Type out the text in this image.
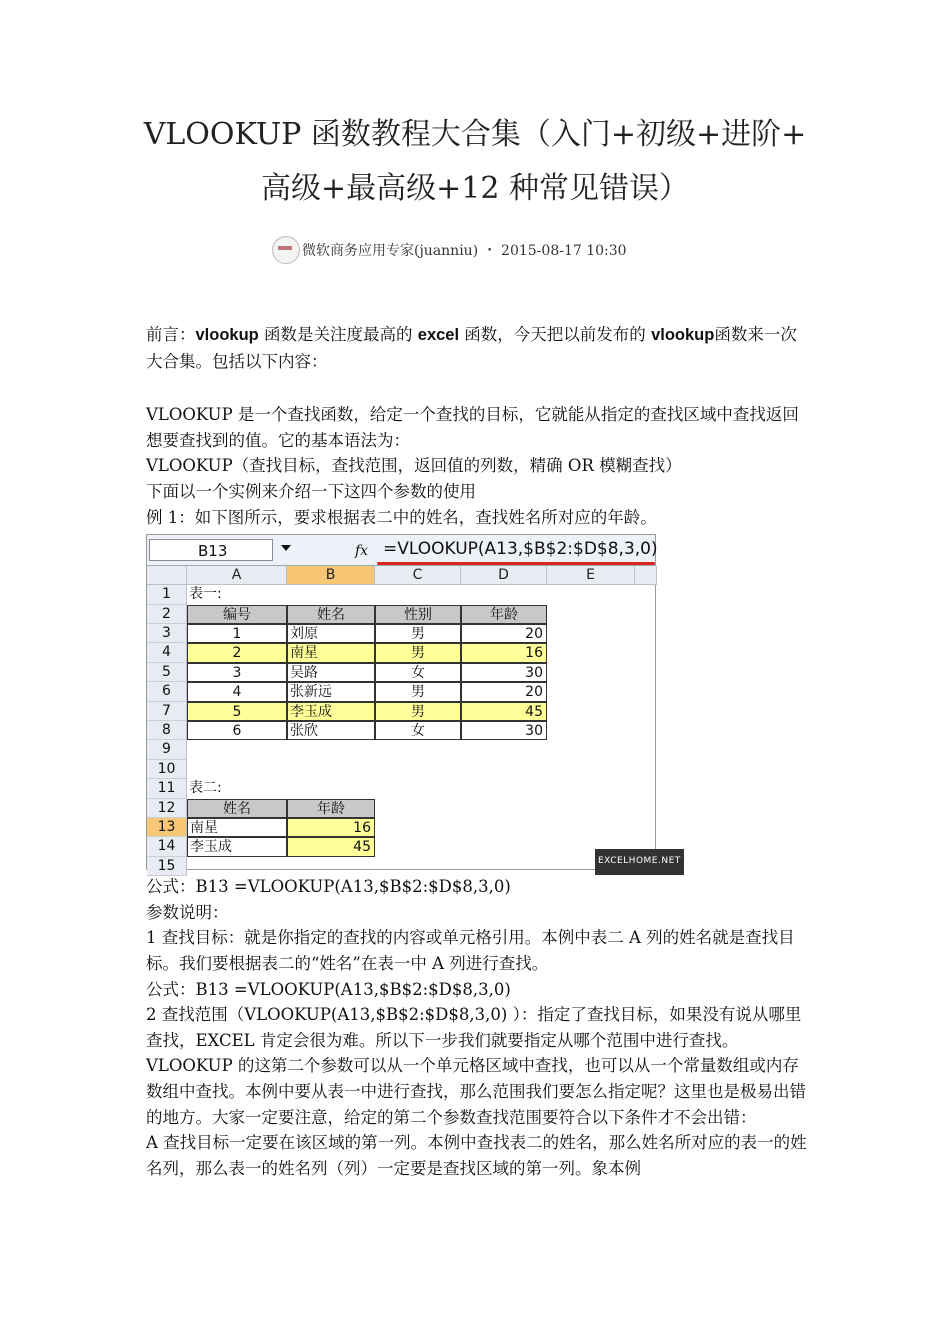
VLOOKUP 函数教程大合集（入门+初级+进阶+
高级+最高级+12 种常见错误）
微软商务应用专家(juanniu) ・ 2015-08-17 10:30

前言：vlookup 函数是关注度最高的 excel 函数，今天把以前发布的 vlookup函数来一次大合集。包括以下内容：

VLOOKUP 是一个查找函数，给定一个查找的目标，它就能从指定的查找区域中查找返回想要查找到的值。它的基本语法为：

VLOOKUP（查找目标，查找范围，返回值的列数，精确 OR 模糊查找）

下面以一个实例来介绍一下这四个参数的使用

例 1：如下图所示，要求根据表二中的姓名，查找姓名所对应的年龄。

B13	fx =VLOOKUP(A13,$B$2:$D$8,3,0)
A	B	C	D	E
1
2
3
4
5
6
7
8
9
10
11
12
13
14
15
表一:
编号	姓名	性别	年龄
1	刘原	男	20
2	南星	男	16
3	吴路	女	30
4	张新远	男	20
5	李玉成	男	45
6	张欣	女	30
表二:
姓名	年龄
南星	16
李玉成	45
EXCELHOME.NET

公式：B13 =VLOOKUP(A13,$B$2:$D$8,3,0)

参数说明：

1 查找目标：就是你指定的查找的内容或单元格引用。本例中表二 A 列的姓名就是查找目标。我们要根据表二的“姓名”在表一中 A 列进行查找。

公式：B13 =VLOOKUP(A13,$B$2:$D$8,3,0)

2 查找范围（VLOOKUP(A13,$B$2:$D$8,3,0) ）：指定了查找目标，如果没有说从哪里查找，EXCEL 肯定会很为难。所以下一步我们就要指定从哪个范围中进行查找。VLOOKUP 的这第二个参数可以从一个单元格区域中查找，也可以从一个常量数组或内存数组中查找。本例中要从表一中进行查找，那么范围我们要怎么指定呢？这里也是极易出错的地方。大家一定要注意，给定的第二个参数查找范围要符合以下条件才不会出错：

A 查找目标一定要在该区域的第一列。本例中查找表二的姓名，那么姓名所对应的表一的姓名列，那么表一的姓名列（列）一定要是查找区域的第一列。象本例
